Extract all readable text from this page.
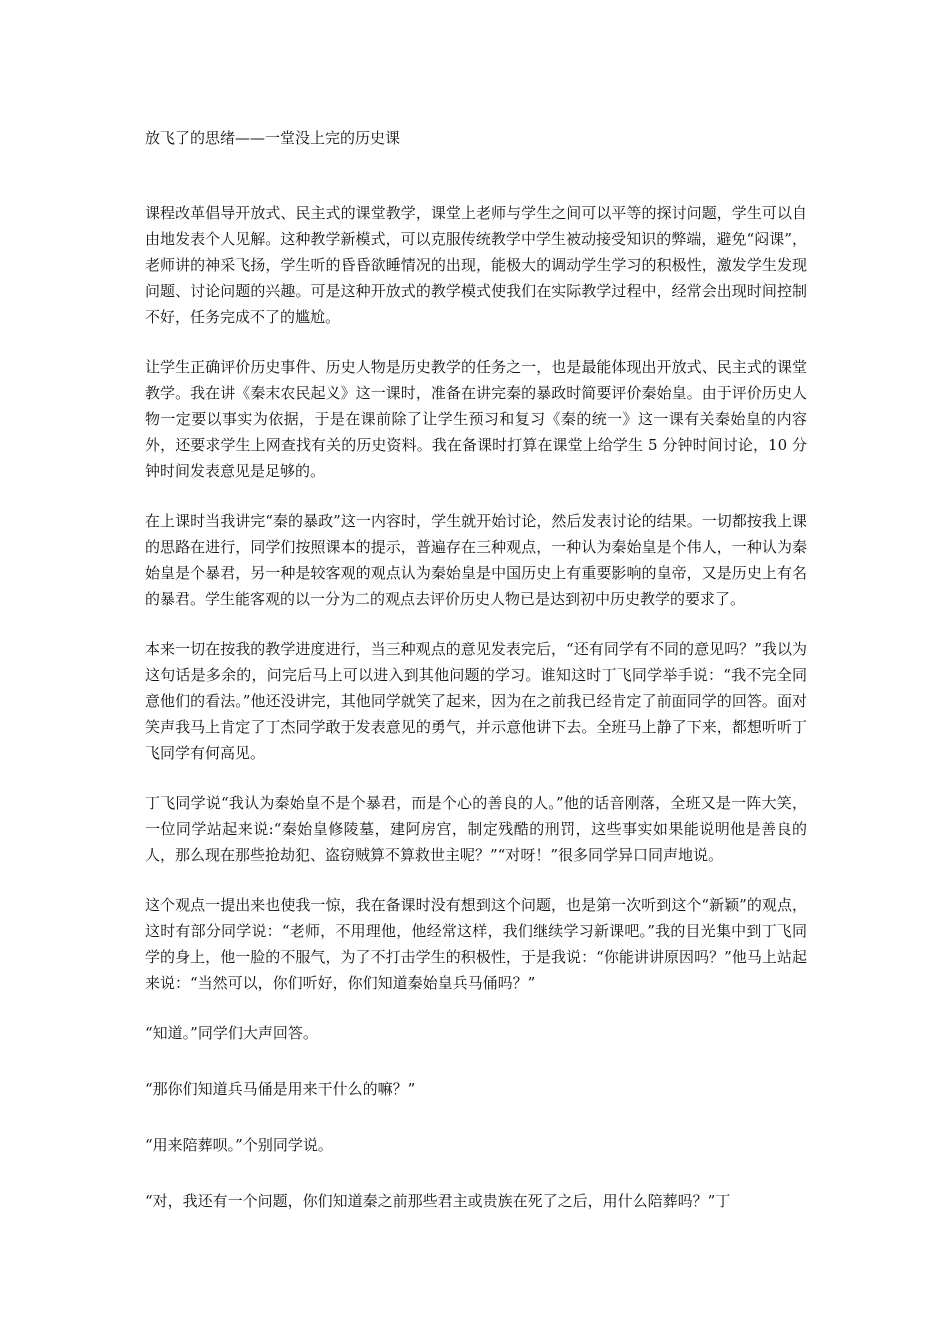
放飞了的思绪——一堂没上完的历史课

课程改革倡导开放式、民主式的课堂教学，课堂上老师与学生之间可以平等的探讨问题，学生可以自由地发表个人见解。这种教学新模式，可以克服传统教学中学生被动接受知识的弊端，避免“闷课”，老师讲的神采飞扬，学生听的昏昏欲睡情况的出现，能极大的调动学生学习的积极性，激发学生发现问题、讨论问题的兴趣。可是这种开放式的教学模式使我们在实际教学过程中，经常会出现时间控制不好，任务完成不了的尴尬。

让学生正确评价历史事件、历史人物是历史教学的任务之一，也是最能体现出开放式、民主式的课堂教学。我在讲《秦末农民起义》这一课时，准备在讲完秦的暴政时简要评价秦始皇。由于评价历史人物一定要以事实为依据，于是在课前除了让学生预习和复习《秦的统一》这一课有关秦始皇的内容外，还要求学生上网查找有关的历史资料。我在备课时打算在课堂上给学生 5 分钟时间讨论，10 分钟时间发表意见是足够的。

在上课时当我讲完“秦的暴政”这一内容时，学生就开始讨论，然后发表讨论的结果。一切都按我上课的思路在进行，同学们按照课本的提示，普遍存在三种观点，一种认为秦始皇是个伟人，一种认为秦始皇是个暴君，另一种是较客观的观点认为秦始皇是中国历史上有重要影响的皇帝，又是历史上有名的暴君。学生能客观的以一分为二的观点去评价历史人物已是达到初中历史教学的要求了。

本来一切在按我的教学进度进行，当三种观点的意见发表完后，“还有同学有不同的意见吗？”我以为这句话是多余的，问完后马上可以进入到其他问题的学习。谁知这时丁飞同学举手说：“我不完全同意他们的看法。”他还没讲完，其他同学就笑了起来，因为在之前我已经肯定了前面同学的回答。面对笑声我马上肯定了丁杰同学敢于发表意见的勇气，并示意他讲下去。全班马上静了下来，都想听听丁飞同学有何高见。

丁飞同学说“我认为秦始皇不是个暴君，而是个心的善良的人。”他的话音刚落，全班又是一阵大笑，一位同学站起来说:“秦始皇修陵墓，建阿房宫，制定残酷的刑罚，这些事实如果能说明他是善良的人，那么现在那些抢劫犯、盗窃贼算不算救世主呢？”“对呀！”很多同学异口同声地说。

这个观点一提出来也使我一惊，我在备课时没有想到这个问题，也是第一次听到这个“新颖”的观点，这时有部分同学说：“老师，不用理他，他经常这样，我们继续学习新课吧。”我的目光集中到丁飞同学的身上，他一脸的不服气，为了不打击学生的积极性，于是我说：“你能讲讲原因吗？”他马上站起来说：“当然可以，你们听好，你们知道秦始皇兵马俑吗？”

“知道。”同学们大声回答。

“那你们知道兵马俑是用来干什么的嘛？”

“用来陪葬呗。”个别同学说。

“对，我还有一个问题，你们知道秦之前那些君主或贵族在死了之后，用什么陪葬吗？”丁
